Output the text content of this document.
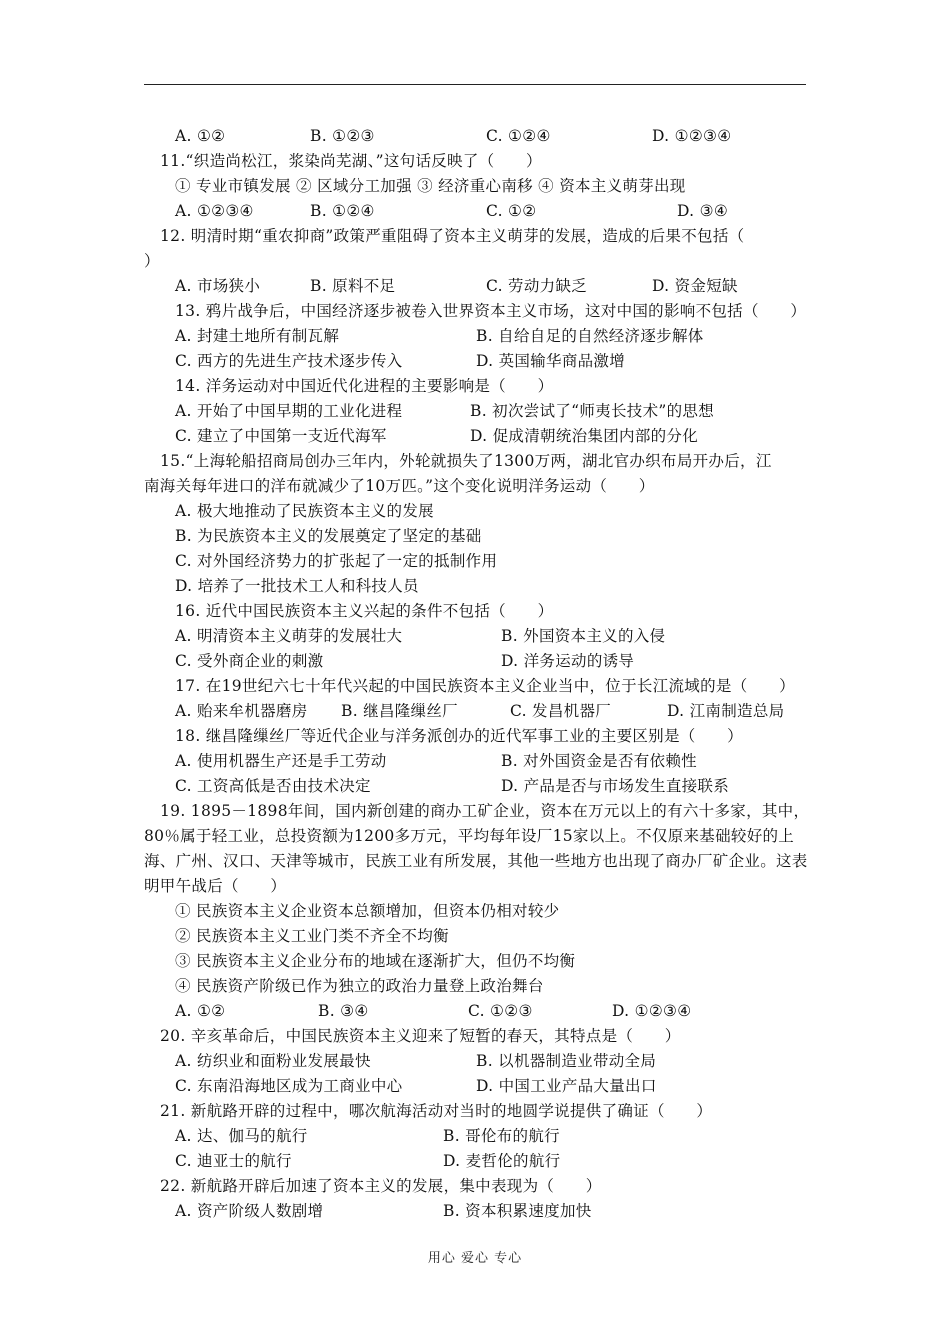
A. ①②	B. ①②③	C. ①②④	D. ①②③④
11.“织造尚松江，浆染尚芜湖、”这句话反映了（　　）
① 专业市镇发展 ② 区域分工加强 ③ 经济重心南移 ④ 资本主义萌芽出现
A. ①②③④	B. ①②④	C. ①②	D. ③④
12. 明清时期“重农抑商”政策严重阻碍了资本主义萌芽的发展，造成的后果不包括（
）
A. 市场狭小	B. 原料不足	C. 劳动力缺乏	D. 资金短缺
13. 鸦片战争后，中国经济逐步被卷入世界资本主义市场，这对中国的影响不包括（　　）
A. 封建土地所有制瓦解	B. 自给自足的自然经济逐步解体
C. 西方的先进生产技术逐步传入	D. 英国输华商品激增
14. 洋务运动对中国近代化进程的主要影响是（　　）
A. 开始了中国早期的工业化进程	B. 初次尝试了“师夷长技术”的思想
C. 建立了中国第一支近代海军	D. 促成清朝统治集团内部的分化
15.“上海轮船招商局创办三年内，外轮就损失了1300万两，湖北官办织布局开办后，江
南海关每年进口的洋布就减少了10万匹。”这个变化说明洋务运动（　　）
A. 极大地推动了民族资本主义的发展
B. 为民族资本主义的发展奠定了坚定的基础
C. 对外国经济势力的扩张起了一定的抵制作用
D. 培养了一批技术工人和科技人员
16. 近代中国民族资本主义兴起的条件不包括（　　）
A. 明清资本主义萌芽的发展壮大	B. 外国资本主义的入侵
C. 受外商企业的刺激	D. 洋务运动的诱导
17. 在19世纪六七十年代兴起的中国民族资本主义企业当中，位于长江流域的是（　　）
A. 贻来牟机器磨房 B. 继昌隆缫丝厂	C. 发昌机器厂	D. 江南制造总局
18. 继昌隆缫丝厂等近代企业与洋务派创办的近代军事工业的主要区别是（　　）
A. 使用机器生产还是手工劳动	B. 对外国资金是否有依赖性
C. 工资高低是否由技术决定	D. 产品是否与市场发生直接联系
19. 1895－1898年间，国内新创建的商办工矿企业，资本在万元以上的有六十多家，其中，
80％属于轻工业，总投资额为1200多万元，平均每年设厂15家以上。不仅原来基础较好的上
海、广州、汉口、天津等城市，民族工业有所发展，其他一些地方也出现了商办厂矿企业。这表
明甲午战后（　　）
① 民族资本主义企业资本总额增加，但资本仍相对较少
② 民族资本主义工业门类不齐全不均衡
③ 民族资本主义企业分布的地域在逐渐扩大，但仍不均衡
④ 民族资产阶级已作为独立的政治力量登上政治舞台
A. ①②	B. ③④	C. ①②③	D. ①②③④
20. 辛亥革命后，中国民族资本主义迎来了短暂的春天，其特点是（　　）
A. 纺织业和面粉业发展最快	B. 以机器制造业带动全局
C. 东南沿海地区成为工商业中心	D. 中国工业产品大量出口
21. 新航路开辟的过程中，哪次航海活动对当时的地圆学说提供了确证（　　）
A. 达、伽马的航行	B. 哥伦布的航行
C. 迪亚士的航行	D. 麦哲伦的航行
22. 新航路开辟后加速了资本主义的发展，集中表现为（　　）
A. 资产阶级人数剧增	B. 资本积累速度加快
用心 爱心 专心
